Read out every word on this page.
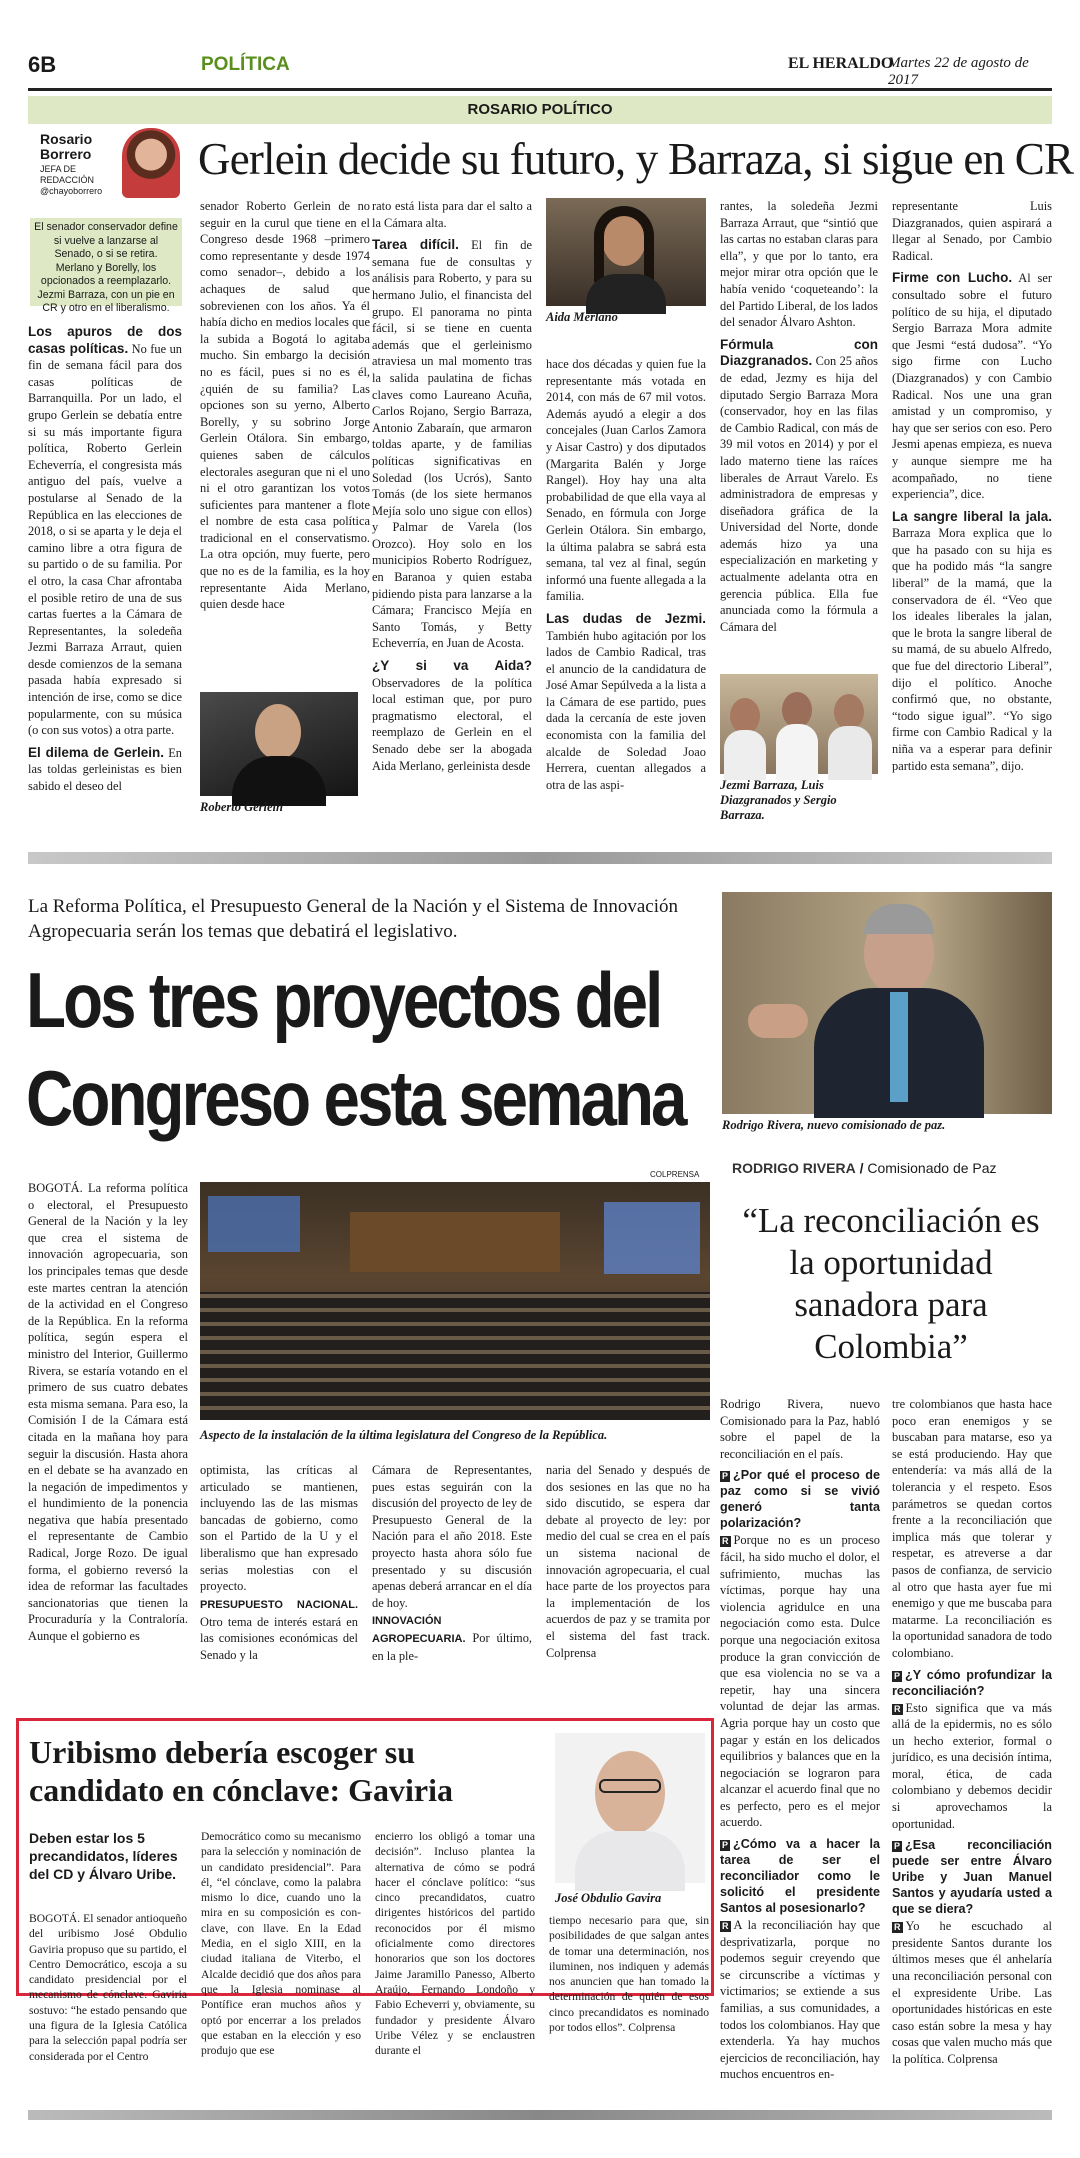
6B	POLÍTICA	EL HERALDO
Martes 22 de agosto de 2017
ROSARIO POLÍTICO
Rosario Borrero
JEFA DE REDACCIÓN
@chayoborrero
Gerlein decide su futuro, y Barraza, si sigue en CR
El senador conservador define si vuelve a lanzarse al Senado, o si se retira. Merlano y Borelly, los opcionados a reemplazarlo. Jezmi Barraza, con un pie en CR y otro en el liberalismo.

Los apuros de dos casas políticas. No fue un fin de semana fácil para dos casas políticas de Barranquilla. Por un lado, el grupo Gerlein se debatía entre si su más importante figura política, Roberto Gerlein Echeverría, el congresista más antiguo del país, vuelve a postularse al Senado de la República en las elecciones de 2018, o si se aparta y le deja el camino libre a otra figura de su partido o de su familia. Por el otro, la casa Char afrontaba el posible retiro de una de sus cartas fuertes a la Cámara de Representantes, la soledeña Jezmi Barraza Arraut, quien desde comienzos de la semana pasada había expresado si intención de irse, como se dice popularmente, con su música (o con sus votos) a otra parte.

El dilema de Gerlein. En las toldas gerleinistas es bien sabido el deseo del

senador Roberto Gerlein de no seguir en la curul que tiene en el Congreso desde 1968 –primero como representante y desde 1974 como senador–, debido a los achaques de salud que sobrevienen con los años. Ya él había dicho en medios locales que la subida a Bogotá lo agitaba mucho. Sin embargo la decisión no es fácil, pues si no es él, ¿quién de su familia? Las opciones son su yerno, Alberto Borelly, y su sobrino Jorge Gerlein Otálora. Sin embargo, quienes saben de cálculos electorales aseguran que ni el uno ni el otro garantizan los votos suficientes para mantener a flote el nombre de esta casa política tradicional en el conservatismo. La otra opción, muy fuerte, pero que no es de la familia, es la hoy representante Aida Merlano, quien desde hace

Roberto Gerlein

rato está lista para dar el salto a la Cámara alta.

Tarea difícil. El fin de semana fue de consultas y análisis para Roberto, y para su hermano Julio, el financista del grupo. El panorama no pinta fácil, si se tiene en cuenta además que el gerleinismo atraviesa un mal momento tras la salida paulatina de fichas claves como Laureano Acuña, Carlos Rojano, Sergio Barraza, Antonio Zabaraín, que armaron toldas aparte, y de familias políticas significativas en Soledad (los Ucrós), Santo Tomás (de los siete hermanos Mejía solo uno sigue con ellos) y Palmar de Varela (los Orozco). Hoy solo en los municipios Roberto Rodríguez, en Baranoa y quien estaba pidiendo pista para lanzarse a la Cámara; Francisco Mejía en Santo Tomás, y Betty Echeverría, en Juan de Acosta.

¿Y si va Aida? Observadores de la política local estiman que, por puro pragmatismo electoral, el reemplazo de Gerlein en el Senado debe ser la abogada Aida Merlano, gerleinista desde

Aida Merlano

hace dos décadas y quien fue la representante más votada en 2014, con más de 67 mil votos. Además ayudó a elegir a dos concejales (Juan Carlos Zamora y Aisar Castro) y dos diputados (Margarita Balén y Jorge Rangel). Hoy hay una alta probabilidad de que ella vaya al Senado, en fórmula con Jorge Gerlein Otálora. Sin embargo, la última palabra se sabrá esta semana, tal vez al final, según informó una fuente allegada a la familia.

Las dudas de Jezmi. También hubo agitación por los lados de Cambio Radical, tras el anuncio de la candidatura de José Amar Sepúlveda a la lista a la Cámara de ese partido, pues dada la cercanía de este joven economista con la familia del alcalde de Soledad Joao Herrera, cuentan allegados a otra de las aspi-

rantes, la soledeña Jezmi Barraza Arraut, que “sintió que las cartas no estaban claras para ella”, y que por lo tanto, era mejor mirar otra opción que le había venido ‘coqueteando’: la del Partido Liberal, de los lados del senador Álvaro Ashton.

Fórmula con Diazgranados. Con 25 años de edad, Jezmy es hija del diputado Sergio Barraza Mora (conservador, hoy en las filas de Cambio Radical, con más de 39 mil votos en 2014) y por el lado materno tiene las raíces liberales de Arraut Varelo. Es administradora de empresas y diseñadora gráfica de la Universidad del Norte, donde además hizo ya una especialización en marketing y actualmente adelanta otra en gerencia pública. Ella fue anunciada como la fórmula a Cámara del

Jezmi Barraza, Luis Diazgranados y Sergio Barraza.

representante Luis Diazgranados, quien aspirará a llegar al Senado, por Cambio Radical.

Firme con Lucho. Al ser consultado sobre el futuro político de su hija, el diputado Sergio Barraza Mora admite que Jesmi “está dudosa”. “Yo sigo firme con Lucho (Diazgranados) y con Cambio Radical. Nos une una gran amistad y un compromiso, y hay que ser serios con eso. Pero Jesmi apenas empieza, es nueva y aunque siempre me ha acompañado, no tiene experiencia”, dice.

La sangre liberal la jala. Barraza Mora explica que lo que ha pasado con su hija es que ha podido más “la sangre liberal” de la mamá, que la conservadora de él. “Veo que los ideales liberales la jalan, que le brota la sangre liberal de su mamá, de su abuelo Alfredo, que fue del directorio Liberal”, dijo el político. Anoche confirmó que, no obstante, “todo sigue igual”. “Yo sigo firme con Cambio Radical y la niña va a esperar para definir partido esta semana”, dijo.

La Reforma Política, el Presupuesto General de la Nación y el Sistema de Innovación Agropecuaria serán los temas que debatirá el legislativo.
Los tres proyectos del
Congreso esta semana

BOGOTÁ. La reforma política o electoral, el Presupuesto General de la Nación y la ley que crea el sistema de innovación agropecuaria, son los principales temas que desde este martes centran la atención de la actividad en el Congreso de la República. En la reforma política, según espera el ministro del Interior, Guillermo Rivera, se estaría votando en el primero de sus cuatro debates esta misma semana. Para eso, la Comisión I de la Cámara está citada en la mañana hoy para seguir la discusión. Hasta ahora en el debate se ha avanzado en la negación de impedimentos y el hundimiento de la ponencia negativa que había presentado el representante de Cambio Radical, Jorge Rozo. De igual forma, el gobierno reversó la idea de reformar las facultades sancionatorias que tienen la Procuraduría y la Contraloría. Aunque el gobierno es

COLPRENSA
Aspecto de la instalación de la última legislatura del Congreso de la República.

optimista, las críticas al articulado se mantienen, incluyendo las de las mismas bancadas de gobierno, como son el Partido de la U y el liberalismo que han expresado serias molestias con el proyecto.

PRESUPUESTO NACIONAL. Otro tema de interés estará en las comisiones económicas del Senado y la

Cámara de Representantes, pues estas seguirán con la discusión del proyecto de ley de Presupuesto General de la Nación para el año 2018. Este proyecto hasta ahora sólo fue presentado y su discusión apenas deberá arrancar en el día de hoy.

INNOVACIÓN AGROPECUARIA. Por último, en la ple-

naria del Senado y después de dos sesiones en las que no ha sido discutido, se espera dar debate al proyecto de ley: por medio del cual se crea en el país un sistema nacional de innovación agropecuaria, el cual hace parte de los proyectos para la implementación de los acuerdos de paz y se tramita por el sistema del fast track. Colprensa

Rodrigo Rivera, nuevo comisionado de paz.
RODRIGO RIVERA / Comisionado de Paz
“La reconciliación es la oportunidad sanadora para Colombia”

Rodrigo Rivera, nuevo Comisionado para la Paz, habló sobre el papel de la reconciliación en el país.

P ¿Por qué el proceso de paz como si se vivió generó tanta polarización?

R Porque no es un proceso fácil, ha sido mucho el dolor, el sufrimiento, muchas las víctimas, porque hay una violencia agridulce en una negociación como esta. Dulce porque una negociación exitosa produce la gran convicción de que esa violencia no se va a repetir, hay una sincera voluntad de dejar las armas. Agria porque hay un costo que pagar y están en los delicados equilibrios y balances que en la negociación se lograron para alcanzar el acuerdo final que no es perfecto, pero es el mejor acuerdo.

P ¿Cómo va a hacer la tarea de ser el reconciliador como le solicitó el presidente Santos al posesionarlo?

R A la reconciliación hay que desprivatizarla, porque no podemos seguir creyendo que se circunscribe a víctimas y victimarios; se extiende a sus familias, a sus comunidades, a todos los colombianos. Hay que extenderla. Ya hay muchos ejercicios de reconciliación, hay muchos encuentros en-

tre colombianos que hasta hace poco eran enemigos y se buscaban para matarse, eso ya se está produciendo. Hay que entendería: va más allá de la tolerancia y el respeto. Esos parámetros se quedan cortos frente a la reconciliación que implica más que tolerar y respetar, es atreverse a dar pasos de confianza, de servicio al otro que hasta ayer fue mi enemigo y que me buscaba para matarme. La reconciliación es la oportunidad sanadora de todo colombiano.

P ¿Y cómo profundizar la reconciliación?

R Esto significa que va más allá de la epidermis, no es sólo un hecho exterior, formal o jurídico, es una decisión íntima, moral, ética, de cada colombiano y debemos decidir si aprovechamos la oportunidad.

P ¿Esa reconciliación puede ser entre Álvaro Uribe y Juan Manuel Santos y ayudaría usted a que se diera?

R Yo he escuchado al presidente Santos durante los últimos meses que él anhelaría una reconciliación personal con el expresidente Uribe. Las oportunidades históricas en este caso están sobre la mesa y hay cosas que valen mucho más que la política. Colprensa

Uribismo debería escoger su candidato en cónclave: Gaviria
José Obdulio Gavira
Deben estar los 5 precandidatos, líderes del CD y Álvaro Uribe.

BOGOTÁ. El senador antioqueño del uribismo José Obdulio Gaviria propuso que su partido, el Centro Democrático, escoja a su candidato presidencial por el mecanismo de cónclave. Gaviria sostuvo: “he estado pensando que una figura de la Iglesia Católica para la selección papal podría ser considerada por el Centro

Democrático como su mecanismo para la selección y nominación de un candidato presidencial”. Para él, “el cónclave, como la palabra mismo lo dice, cuando uno la mira en su composición es con-clave, con llave. En la Edad Media, en el siglo XIII, en la ciudad italiana de Viterbo, el Alcalde decidió que dos años para que la Iglesia nominase al Pontífice eran muchos años y optó por encerrar a los prelados que estaban en la elección y eso produjo que ese

encierro los obligó a tomar una decisión”. Incluso plantea la alternativa de cómo se podrá hacer el cónclave político: “sus cinco precandidatos, cuatro dirigentes históricos del partido reconocidos por él mismo oficialmente como directores honorarios que son los doctores Jaime Jaramillo Panesso, Alberto Araújo, Fernando Londoño y Fabio Echeverri y, obviamente, su fundador y presidente Álvaro Uribe Vélez y se enclaustren durante el

tiempo necesario para que, sin posibilidades de que salgan antes de tomar una determinación, nos iluminen, nos indiquen y además nos anuncien que han tomado la determinación de quién de esos cinco precandidatos es nominado por todos ellos”. Colprensa
